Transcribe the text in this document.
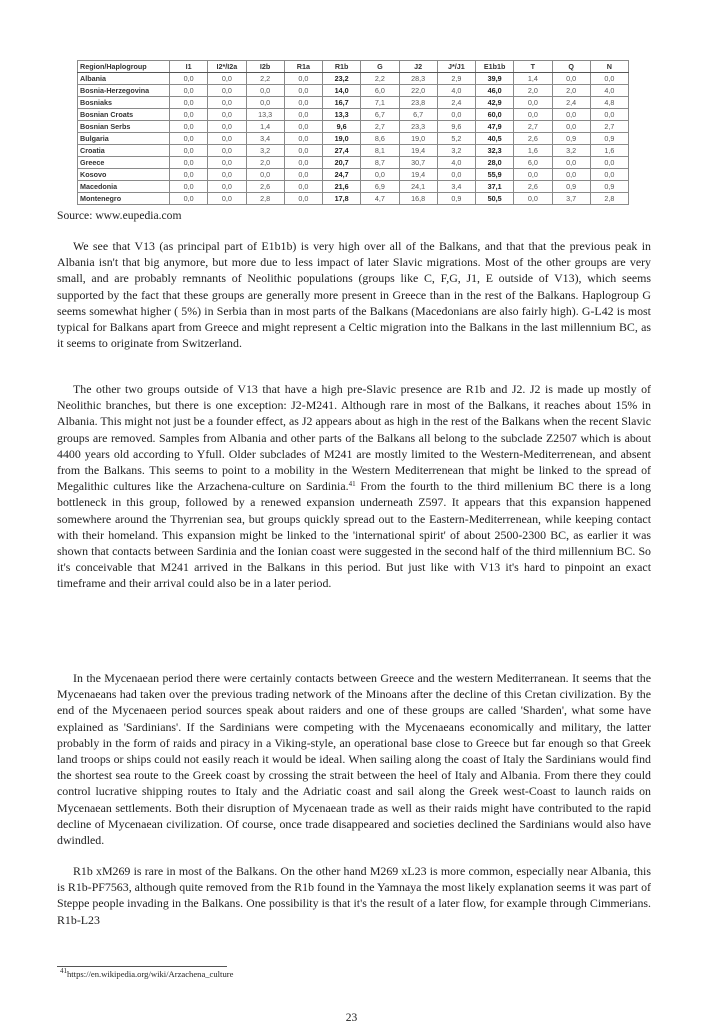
Region/Haplogroup	I1	I2*/I2a	I2b	R1a	R1b	G	J2	J*/J1	E1b1b	T	Q	N
Albania	0,0	0,0	2,2	0,0	23,2	2,2	28,3	2,9	39,9	1,4	0,0	0,0
Bosnia-Herzegovina	0,0	0,0	0,0	0,0	14,0	6,0	22,0	4,0	46,0	2,0	2,0	4,0
Bosniaks	0,0	0,0	0,0	0,0	16,7	7,1	23,8	2,4	42,9	0,0	2,4	4,8
Bosnian Croats	0,0	0,0	13,3	0,0	13,3	6,7	6,7	0,0	60,0	0,0	0,0	0,0
Bosnian Serbs	0,0	0,0	1,4	0,0	9,6	2,7	23,3	9,6	47,9	2,7	0,0	2,7
Bulgaria	0,0	0,0	3,4	0,0	19,0	8,6	19,0	5,2	40,5	2,6	0,9	0,9
Croatia	0,0	0,0	3,2	0,0	27,4	8,1	19,4	3,2	32,3	1,6	3,2	1,6
Greece	0,0	0,0	2,0	0,0	20,7	8,7	30,7	4,0	28,0	6,0	0,0	0,0
Kosovo	0,0	0,0	0,0	0,0	24,7	0,0	19,4	0,0	55,9	0,0	0,0	0,0
Macedonia	0,0	0,0	2,6	0,0	21,6	6,9	24,1	3,4	37,1	2,6	0,9	0,9
Montenegro	0,0	0,0	2,8	0,0	17,8	4,7	16,8	0,9	50,5	0,0	3,7	2,8
Source: www.eupedia.com

We see that V13 (as principal part of E1b1b) is very high over all of the Balkans, and that that the previous peak in Albania isn't that big anymore, but more due to less impact of later Slavic migrations. Most of the other groups are very small, and are probably remnants of Neolithic populations (groups like C, F,G, J1, E outside of V13), which seems supported by the fact that these groups are generally more present in Greece than in the rest of the Balkans. Haplogroup G seems somewhat higher ( 5%) in Serbia than in most parts of the Balkans (Macedonians are also fairly high). G-L42 is most typical for Balkans apart from Greece and might represent a Celtic migration into the Balkans in the last millennium BC, as it seems to originate from Switzerland.

The other two groups outside of V13 that have a high pre-Slavic presence are R1b and J2. J2 is made up mostly of Neolithic branches, but there is one exception: J2-M241. Although rare in most of the Balkans, it reaches about 15% in Albania. This might not just be a founder effect, as J2 appears about as high in the rest of the Balkans when the recent Slavic groups are removed. Samples from Albania and other parts of the Balkans all belong to the subclade Z2507 which is about 4400 years old according to Yfull. Older subclades of M241 are mostly limited to the Western-Mediterrenean, and absent from the Balkans. This seems to point to a mobility in the Western Mediterrenean that might be linked to the spread of Megalithic cultures like the Arzachena-culture on Sardinia.$^{41}$ From the fourth to the third millenium BC there is a long bottleneck in this group, followed by a renewed expansion underneath Z597. It appears that this expansion happened somewhere around the Thyrrenian sea, but groups quickly spread out to the Eastern-Mediterrenean, while keeping contact with their homeland. This expansion might be linked to the 'international spirit' of about 2500-2300 BC, as earlier it was shown that contacts between Sardinia and the Ionian coast were suggested in the second half of the third millennium BC. So it's conceivable that M241 arrived in the Balkans in this period. But just like with V13 it's hard to pinpoint an exact timeframe and their arrival could also be in a later period.

In the Mycenaean period there were certainly contacts between Greece and the western Mediterranean. It seems that the Mycenaeans had taken over the previous trading network of the Minoans after the decline of this Cretan civilization. By the end of the Mycenaeen period sources speak about raiders and one of these groups are called 'Sharden', what some have explained as 'Sardinians'. If the Sardinians were competing with the Mycenaeans economically and military, the latter probably in the form of raids and piracy in a Viking-style, an operational base close to Greece but far enough so that Greek land troops or ships could not easily reach it would be ideal. When sailing along the coast of Italy the Sardinians would find the shortest sea route to the Greek coast by crossing the strait between the heel of Italy and Albania. From there they could control lucrative shipping routes to Italy and the Adriatic coast and sail along the Greek west-Coast to launch raids on Mycenaean settlements. Both their disruption of Mycenaean trade as well as their raids might have contributed to the rapid decline of Mycenaean civilization. Of course, once trade disappeared and societies declined the Sardinians would also have dwindled.

R1b xM269 is rare in most of the Balkans. On the other hand M269 xL23 is more common, especially near Albania, this is R1b-PF7563, although quite removed from the R1b found in the Yamnaya the most likely explanation seems it was part of Steppe people invading in the Balkans. One possibility is that it's the result of a later flow, for example through Cimmerians. R1b-L23

$^{41}$https://en.wikipedia.org/wiki/Arzachena_culture
23
